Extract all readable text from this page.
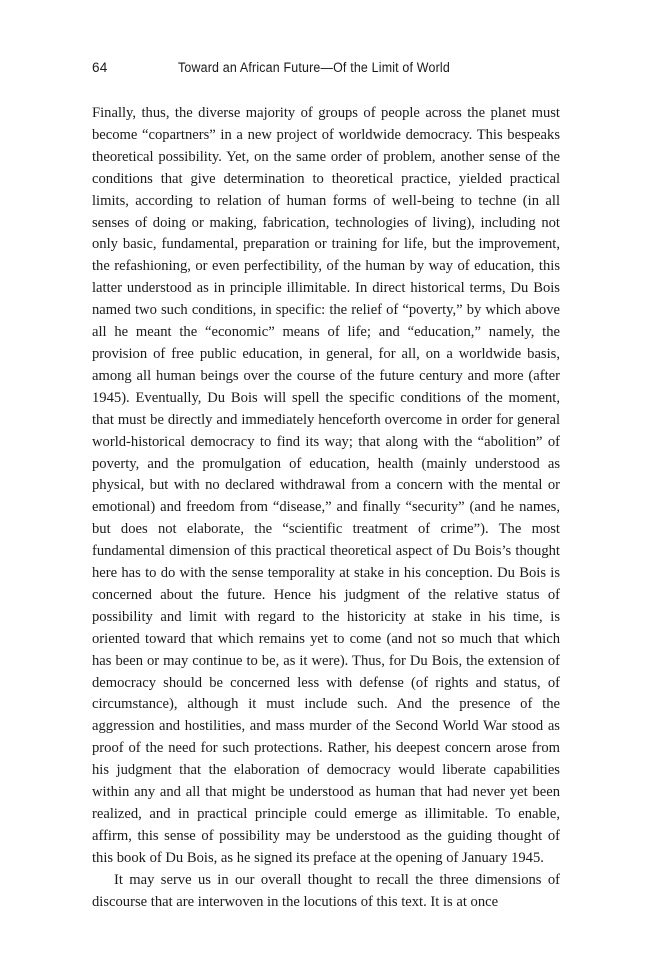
64	Toward an African Future—Of the Limit of World

Finally, thus, the diverse majority of groups of people across the planet must become “copartners” in a new project of worldwide democracy. This bespeaks theoretical possibility. Yet, on the same order of problem, another sense of the conditions that give determination to theoretical practice, yielded practical limits, according to relation of human forms of well-being to techne (in all senses of doing or making, fabrication, technologies of living), including not only basic, fundamental, preparation or training for life, but the improvement, the refashioning, or even perfectibility, of the human by way of education, this latter understood as in principle illimitable. In direct historical terms, Du Bois named two such conditions, in specific: the relief of “poverty,” by which above all he meant the “economic” means of life; and “education,” namely, the provision of free public education, in general, for all, on a worldwide basis, among all human beings over the course of the future century and more (after 1945). Eventually, Du Bois will spell the specific conditions of the moment, that must be directly and immediately henceforth overcome in order for general world-historical democracy to find its way; that along with the “abolition” of poverty, and the promulgation of education, health (mainly understood as physical, but with no declared withdrawal from a concern with the mental or emotional) and freedom from “disease,” and finally “security” (and he names, but does not elaborate, the “scientific treatment of crime”). The most fundamental dimension of this practical theoretical aspect of Du Bois’s thought here has to do with the sense temporality at stake in his conception. Du Bois is concerned about the future. Hence his judgment of the relative status of possibility and limit with regard to the historicity at stake in his time, is oriented toward that which remains yet to come (and not so much that which has been or may continue to be, as it were). Thus, for Du Bois, the extension of democracy should be concerned less with defense (of rights and status, of circumstance), although it must include such. And the presence of the aggression and hostilities, and mass murder of the Second World War stood as proof of the need for such protections. Rather, his deepest concern arose from his judgment that the elaboration of democracy would liberate capabilities within any and all that might be understood as human that had never yet been realized, and in practical principle could emerge as illimitable. To enable, affirm, this sense of possibility may be understood as the guiding thought of this book of Du Bois, as he signed its preface at the opening of January 1945.

It may serve us in our overall thought to recall the three dimensions of discourse that are interwoven in the locutions of this text. It is at once
